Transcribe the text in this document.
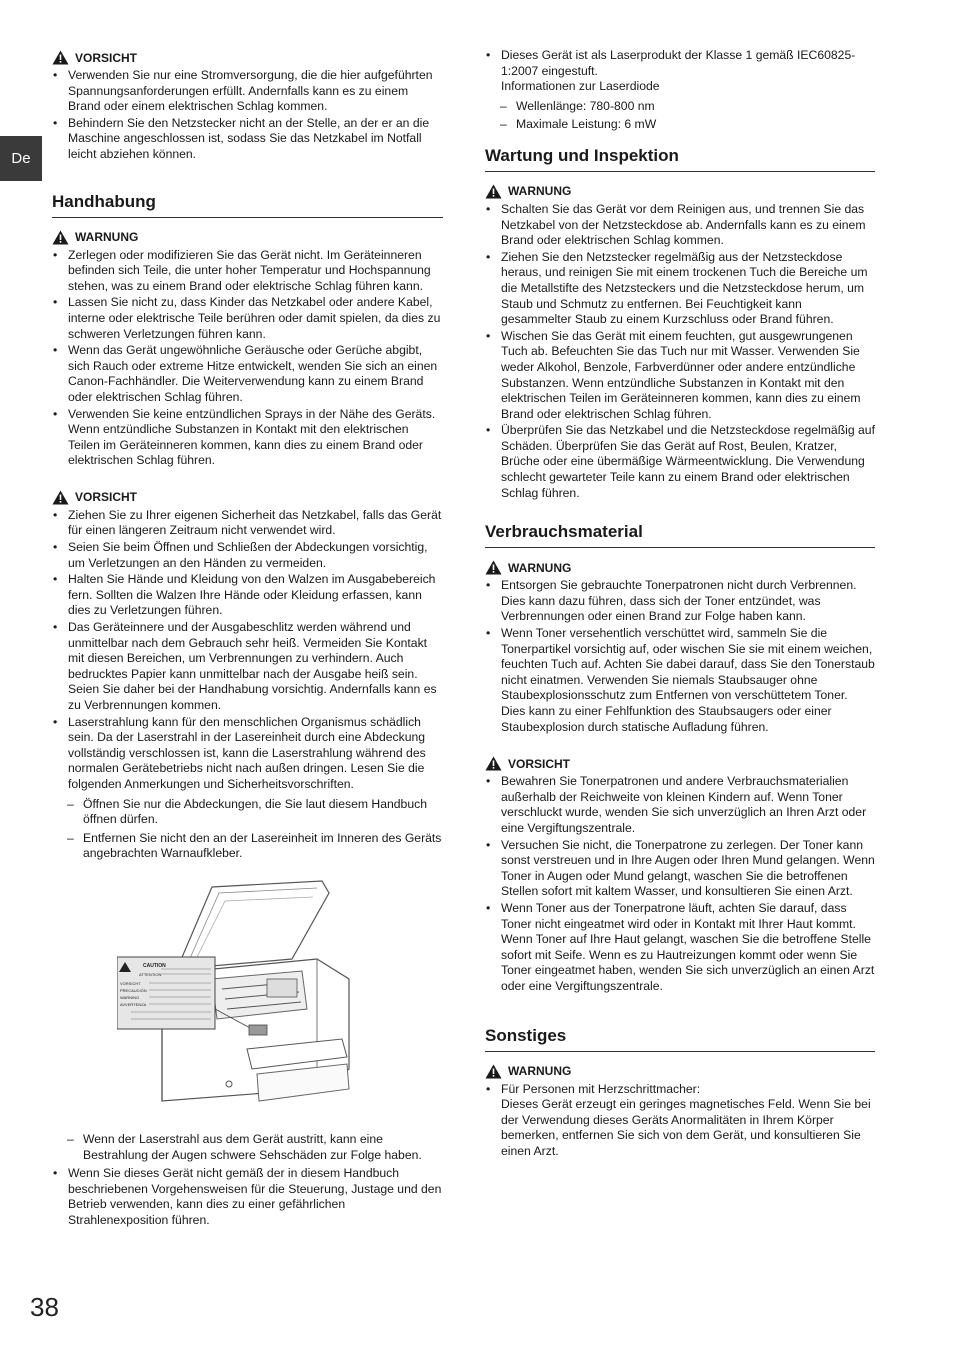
De
VORSICHT
• Verwenden Sie nur eine Stromversorgung, die die hier aufgeführten Spannungsanforderungen erfüllt. Andernfalls kann es zu einem Brand oder einem elektrischen Schlag kommen.
• Behindern Sie den Netzstecker nicht an der Stelle, an der er an die Maschine angeschlossen ist, sodass Sie das Netzkabel im Notfall leicht abziehen können.
Handhabung
WARNUNG
• Zerlegen oder modifizieren Sie das Gerät nicht. Im Geräteinneren befinden sich Teile, die unter hoher Temperatur und Hochspannung stehen, was zu einem Brand oder elektrische Schlag führen kann.
• Lassen Sie nicht zu, dass Kinder das Netzkabel oder andere Kabel, interne oder elektrische Teile berühren oder damit spielen, da dies zu schweren Verletzungen führen kann.
• Wenn das Gerät ungewöhnliche Geräusche oder Gerüche abgibt, sich Rauch oder extreme Hitze entwickelt, wenden Sie sich an einen Canon-Fachhändler. Die Weiterverwendung kann zu einem Brand oder elektrischen Schlag führen.
• Verwenden Sie keine entzündlichen Sprays in der Nähe des Geräts. Wenn entzündliche Substanzen in Kontakt mit den elektrischen Teilen im Geräteinneren kommen, kann dies zu einem Brand oder elektrischen Schlag führen.
VORSICHT
• Ziehen Sie zu Ihrer eigenen Sicherheit das Netzkabel, falls das Gerät für einen längeren Zeitraum nicht verwendet wird.
• Seien Sie beim Öffnen und Schließen der Abdeckungen vorsichtig, um Verletzungen an den Händen zu vermeiden.
• Halten Sie Hände und Kleidung von den Walzen im Ausgabebereich fern. Sollten die Walzen Ihre Hände oder Kleidung erfassen, kann dies zu Verletzungen führen.
• Das Geräteinnere und der Ausgabeschlitz werden während und unmittelbar nach dem Gebrauch sehr heiß. Vermeiden Sie Kontakt mit diesen Bereichen, um Verbrennungen zu verhindern. Auch bedrucktes Papier kann unmittelbar nach der Ausgabe heiß sein. Seien Sie daher bei der Handhabung vorsichtig. Andernfalls kann es zu Verbrennungen kommen.
• Laserstrahlung kann für den menschlichen Organismus schädlich sein. Da der Laserstrahl in der Lasereinheit durch eine Abdeckung vollständig verschlossen ist, kann die Laserstrahlung während des normalen Gerätebetriebs nicht nach außen dringen. Lesen Sie die folgenden Anmerkungen und Sicherheitsvorschriften.
– Öffnen Sie nur die Abdeckungen, die Sie laut diesem Handbuch öffnen dürfen.
– Entfernen Sie nicht den an der Lasereinheit im Inneren des Geräts angebrachten Warnaufkleber.
CAUTION
ATTENTION
VORSICHT
PRECAUCIÓN
WARNING
AVVERTENZA
– Wenn der Laserstrahl aus dem Gerät austritt, kann eine Bestrahlung der Augen schwere Sehschäden zur Folge haben.
• Wenn Sie dieses Gerät nicht gemäß der in diesem Handbuch beschriebenen Vorgehensweisen für die Steuerung, Justage und den Betrieb verwenden, kann dies zu einer gefährlichen Strahlenexposition führen.
• Dieses Gerät ist als Laserprodukt der Klasse 1 gemäß IEC60825-1:2007 eingestuft.
Informationen zur Laserdiode
– Wellenlänge: 780-800 nm
– Maximale Leistung: 6 mW
Wartung und Inspektion
WARNUNG
• Schalten Sie das Gerät vor dem Reinigen aus, und trennen Sie das Netzkabel von der Netzsteckdose ab. Andernfalls kann es zu einem Brand oder elektrischen Schlag kommen.
• Ziehen Sie den Netzstecker regelmäßig aus der Netzsteckdose heraus, und reinigen Sie mit einem trockenen Tuch die Bereiche um die Metallstifte des Netzsteckers und die Netzsteckdose herum, um Staub und Schmutz zu entfernen. Bei Feuchtigkeit kann gesammelter Staub zu einem Kurzschluss oder Brand führen.
• Wischen Sie das Gerät mit einem feuchten, gut ausgewrungenen Tuch ab. Befeuchten Sie das Tuch nur mit Wasser. Verwenden Sie weder Alkohol, Benzole, Farbverdünner oder andere entzündliche Substanzen. Wenn entzündliche Substanzen in Kontakt mit den elektrischen Teilen im Geräteinneren kommen, kann dies zu einem Brand oder elektrischen Schlag führen.
• Überprüfen Sie das Netzkabel und die Netzsteckdose regelmäßig auf Schäden. Überprüfen Sie das Gerät auf Rost, Beulen, Kratzer, Brüche oder eine übermäßige Wärmeentwicklung. Die Verwendung schlecht gewarteter Teile kann zu einem Brand oder elektrischen Schlag führen.
Verbrauchsmaterial
WARNUNG
• Entsorgen Sie gebrauchte Tonerpatronen nicht durch Verbrennen. Dies kann dazu führen, dass sich der Toner entzündet, was Verbrennungen oder einen Brand zur Folge haben kann.
• Wenn Toner versehentlich verschüttet wird, sammeln Sie die Tonerpartikel vorsichtig auf, oder wischen Sie sie mit einem weichen, feuchten Tuch auf. Achten Sie dabei darauf, dass Sie den Tonerstaub nicht einatmen. Verwenden Sie niemals Staubsauger ohne Staubexplosionsschutz zum Entfernen von verschüttetem Toner. Dies kann zu einer Fehlfunktion des Staubsaugers oder einer Staubexplosion durch statische Aufladung führen.
VORSICHT
• Bewahren Sie Tonerpatronen und andere Verbrauchsmaterialien außerhalb der Reichweite von kleinen Kindern auf. Wenn Toner verschluckt wurde, wenden Sie sich unverzüglich an Ihren Arzt oder eine Vergiftungszentrale.
• Versuchen Sie nicht, die Tonerpatrone zu zerlegen. Der Toner kann sonst verstreuen und in Ihre Augen oder Ihren Mund gelangen. Wenn Toner in Augen oder Mund gelangt, waschen Sie die betroffenen Stellen sofort mit kaltem Wasser, und konsultieren Sie einen Arzt.
• Wenn Toner aus der Tonerpatrone läuft, achten Sie darauf, dass Toner nicht eingeatmet wird oder in Kontakt mit Ihrer Haut kommt. Wenn Toner auf Ihre Haut gelangt, waschen Sie die betroffene Stelle sofort mit Seife. Wenn es zu Hautreizungen kommt oder wenn Sie Toner eingeatmet haben, wenden Sie sich unverzüglich an einen Arzt oder eine Vergiftungszentrale.
Sonstiges
WARNUNG
• Für Personen mit Herzschrittmacher:
Dieses Gerät erzeugt ein geringes magnetisches Feld. Wenn Sie bei der Verwendung dieses Geräts Anormalitäten in Ihrem Körper bemerken, entfernen Sie sich von dem Gerät, und konsultieren Sie einen Arzt.
38
